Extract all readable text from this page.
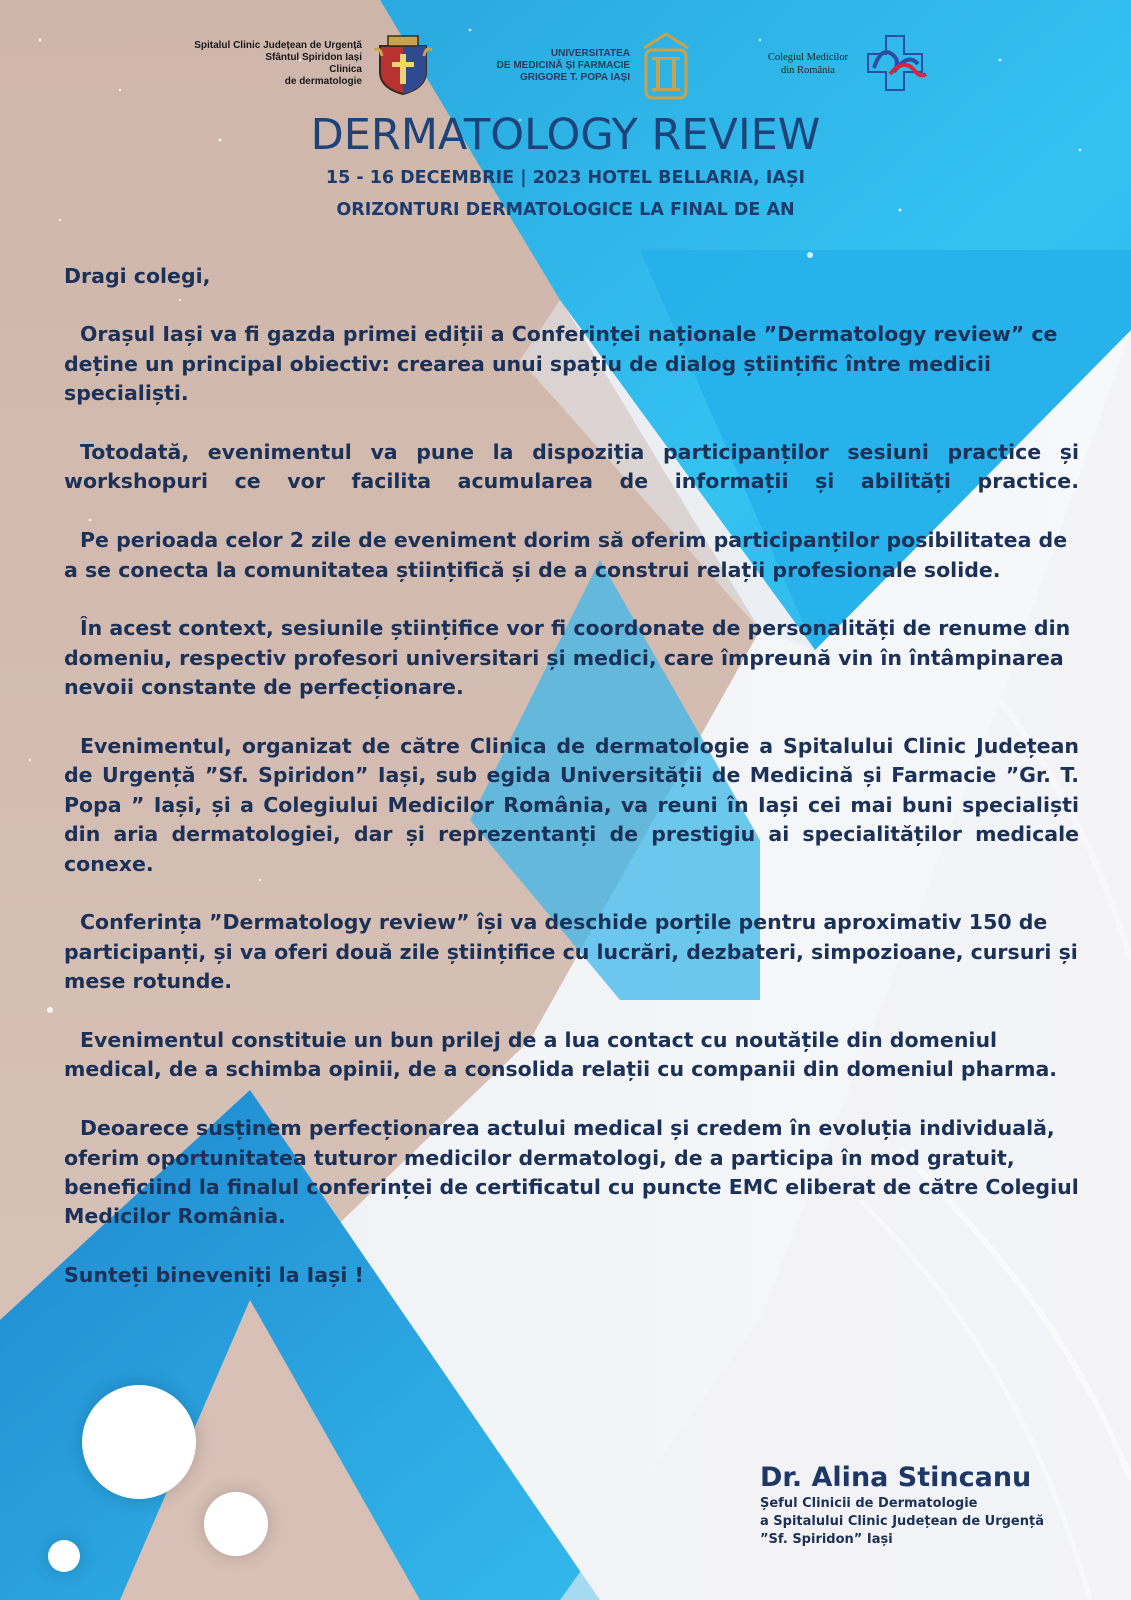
Spitalul Clinic Județean de Urgență
Sfântul Spiridon Iași
Clinica
de dermatologie
UNIVERSITATEA
DE MEDICINĂ ȘI FARMACIE
GRIGORE T. POPA IAȘI
Colegiul Medicilor
din România
DERMATOLOGY REVIEW
15 - 16 DECEMBRIE | 2023 HOTEL BELLARIA, IAȘI
ORIZONTURI DERMATOLOGICE LA FINAL DE AN

Dragi colegi,

Orașul Iași va fi gazda primei ediții a Conferinței naționale ”Dermatology review” ce deține un principal obiectiv: crearea unui spațiu de dialog științific între medicii specialiști.

Totodată, evenimentul va pune la dispoziția participanților sesiuni practice și workshopuri ce vor facilita acumularea de informații și abilități practice.

Pe perioada celor 2 zile de eveniment dorim să oferim participanților posibilitatea de a se conecta la comunitatea științifică și de a construi relații profesionale solide.

În acest context, sesiunile științifice vor fi coordonate de personalități de renume din domeniu, respectiv profesori universitari și medici, care împreună vin în întâmpinarea nevoii constante de perfecționare.

Evenimentul, organizat de către Clinica de dermatologie a Spitalului Clinic Județean de Urgență ”Sf. Spiridon” Iași, sub egida Universității de Medicină și Farmacie ”Gr. T. Popa ” Iași, și a Colegiului Medicilor România, va reuni în Iași cei mai buni specialiști din aria dermatologiei, dar și reprezentanți de prestigiu ai specialităților medicale conexe.

Conferința ”Dermatology review” își va deschide porțile pentru aproximativ 150 de participanți, și va oferi două zile științifice cu lucrări, dezbateri, simpozioane, cursuri și mese rotunde.

Evenimentul constituie un bun prilej de a lua contact cu noutățile din domeniul medical, de a schimba opinii, de a consolida relații cu companii din domeniul pharma.

Deoarece susținem perfecționarea actului medical și credem în evoluția individuală, oferim oportunitatea tuturor medicilor dermatologi, de a participa în mod gratuit, beneficiind la finalul conferinței de certificatul cu puncte EMC eliberat de către Colegiul Medicilor România.

Sunteți bineveniți la Iași !

Dr. Alina Stincanu
Șeful Clinicii de Dermatologie
a Spitalului Clinic Județean de Urgență
”Sf. Spiridon” Iași
